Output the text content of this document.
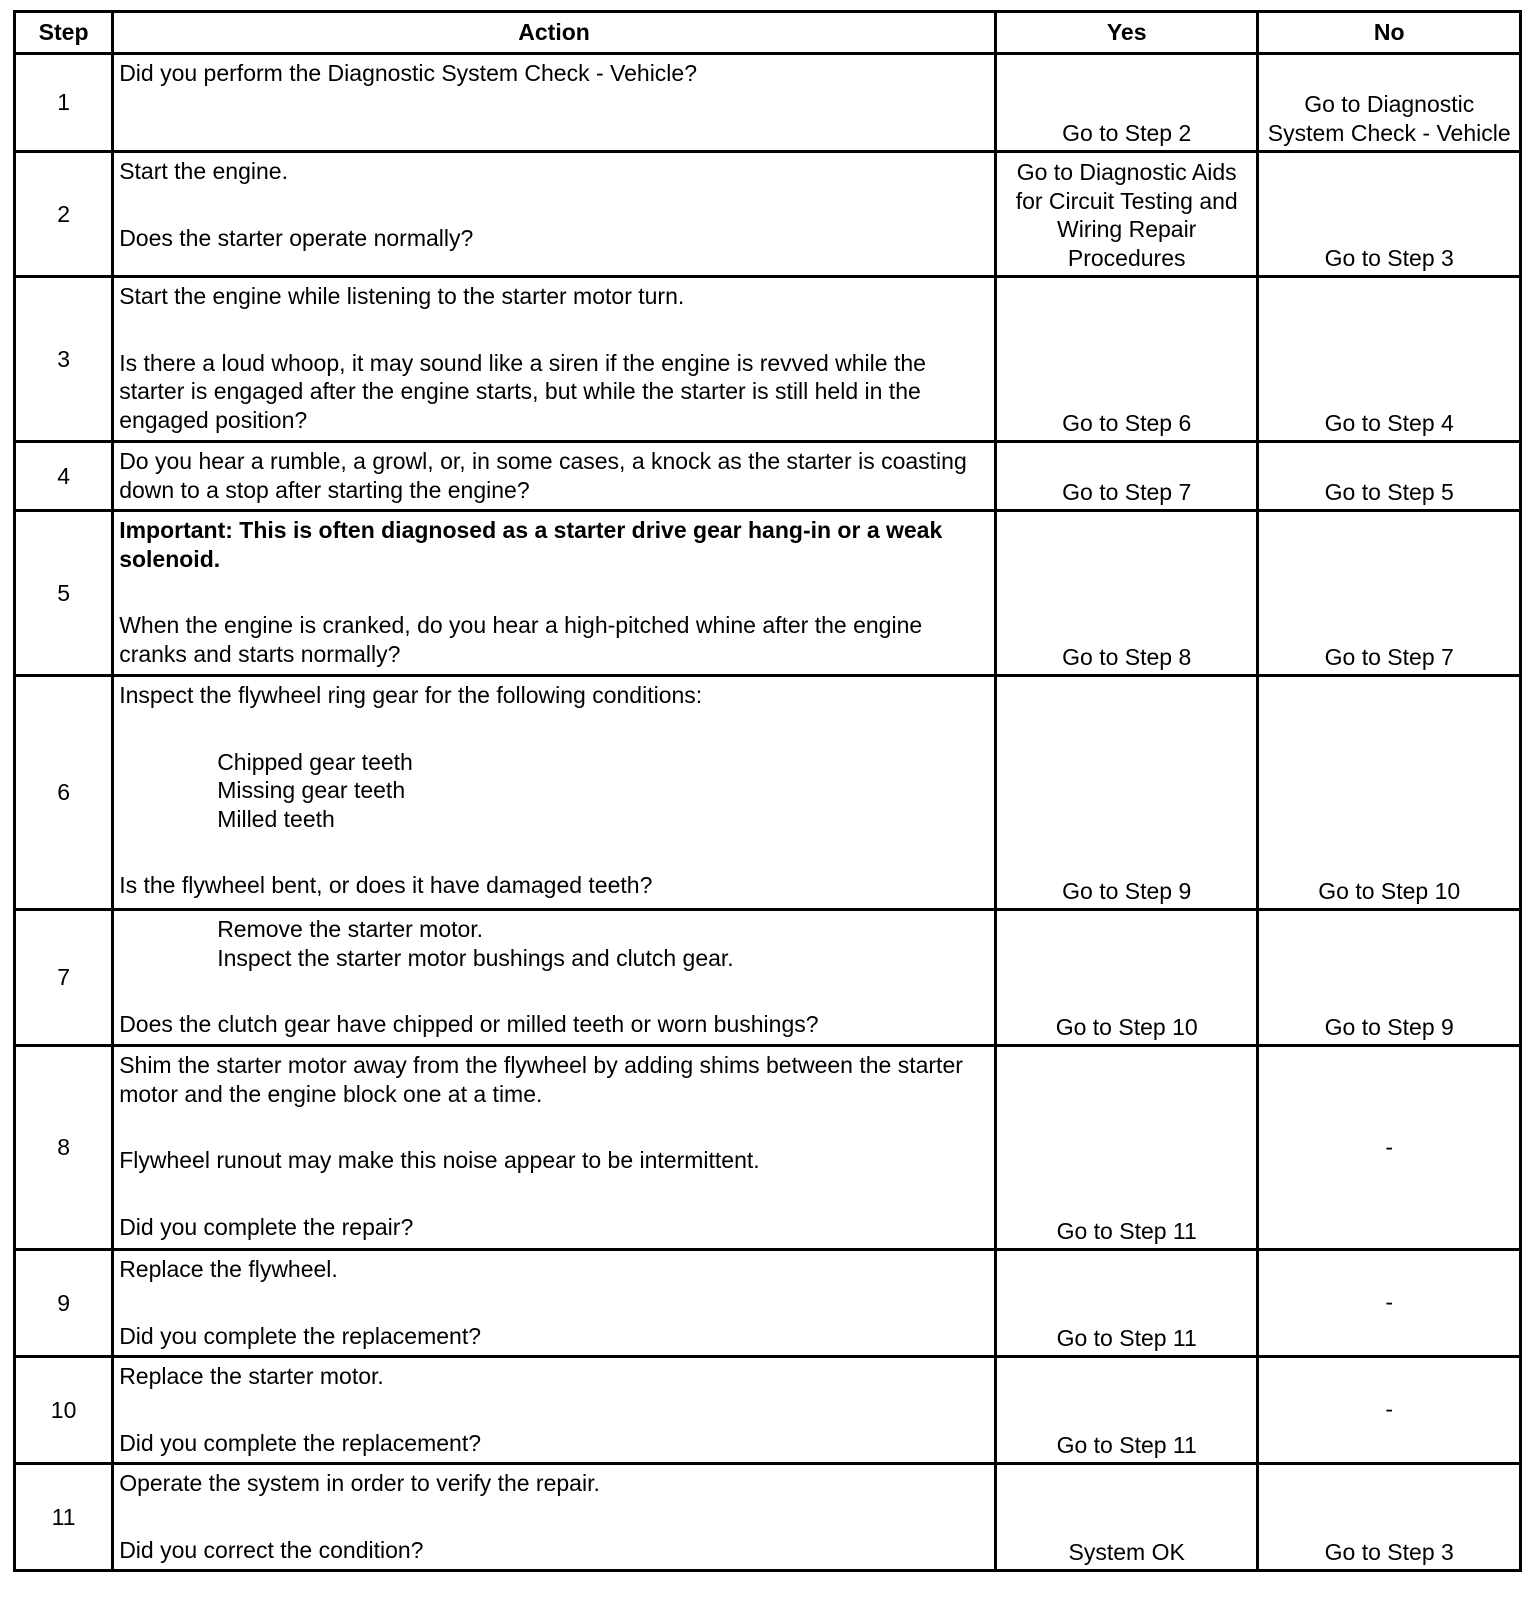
Step	Action	Yes	No
1	Did you perform the Diagnostic System Check - Vehicle?	Go to Step 2	Go to Diagnostic System Check - Vehicle
2	Start the engine.

Does the starter operate normally?	Go to Diagnostic Aids for Circuit Testing and Wiring Repair Procedures	Go to Step 3
3	Start the engine while listening to the starter motor turn.

Is there a loud whoop, it may sound like a siren if the engine is revved while the starter is engaged after the engine starts, but while the starter is still held in the engaged position?	Go to Step 6	Go to Step 4
4	Do you hear a rumble, a growl, or, in some cases, a knock as the starter is coasting down to a stop after starting the engine?	Go to Step 7	Go to Step 5
5	Important: This is often diagnosed as a starter drive gear hang-in or a weak solenoid.

When the engine is cranked, do you hear a high-pitched whine after the engine cranks and starts normally?	Go to Step 8	Go to Step 7
6	Inspect the flywheel ring gear for the following conditions:

Chipped gear teeth

Missing gear teeth

Milled teeth

Is the flywheel bent, or does it have damaged teeth?	Go to Step 9	Go to Step 10
7	Remove the starter motor.

Inspect the starter motor bushings and clutch gear.

Does the clutch gear have chipped or milled teeth or worn bushings?	Go to Step 10	Go to Step 9
8	Shim the starter motor away from the flywheel by adding shims between the starter motor and the engine block one at a time.

Flywheel runout may make this noise appear to be intermittent.

Did you complete the repair?	Go to Step 11	-
9	Replace the flywheel.

Did you complete the replacement?	Go to Step 11	-
10	Replace the starter motor.

Did you complete the replacement?	Go to Step 11	-
11	Operate the system in order to verify the repair.

Did you correct the condition?	System OK	Go to Step 3
